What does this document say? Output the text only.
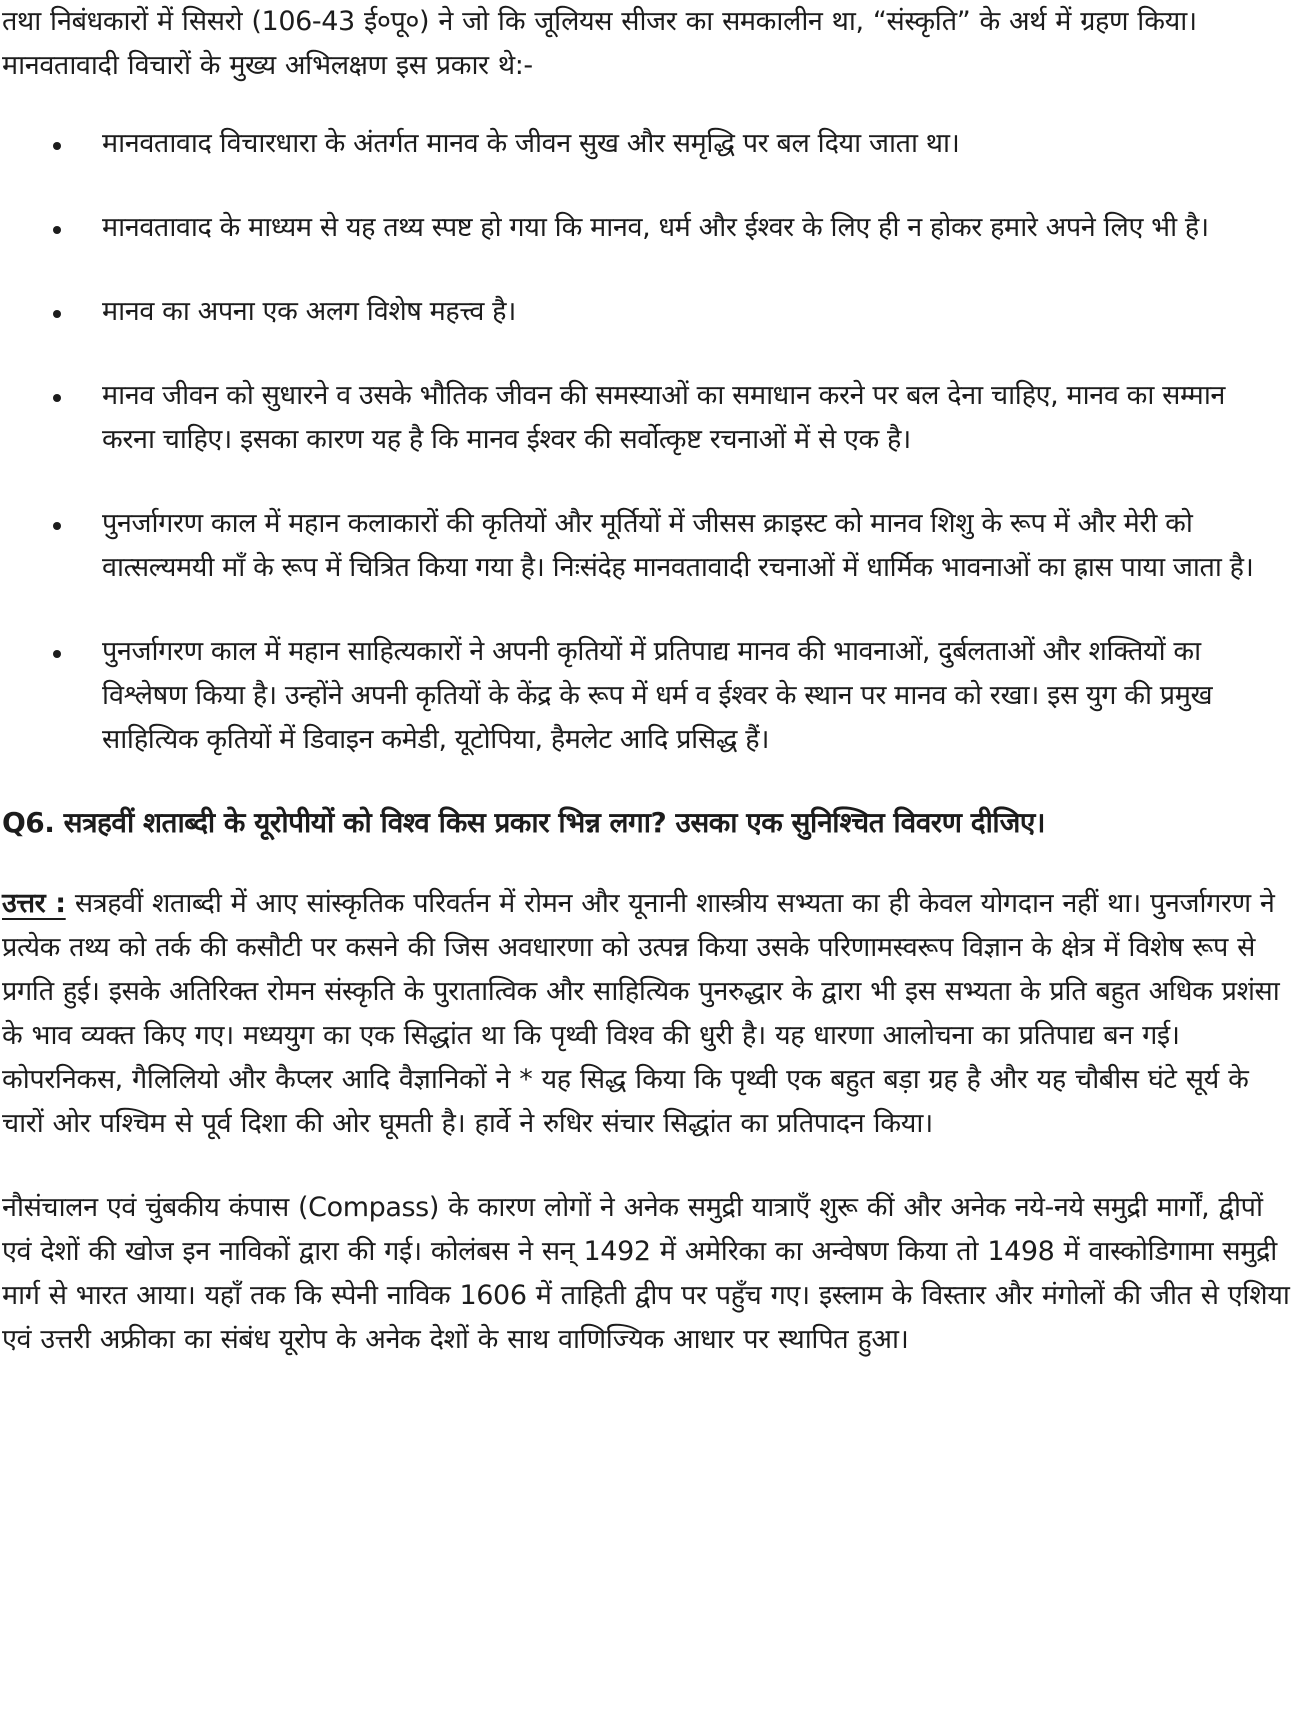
तथा निबंधकारों में सिसरो (106-43 ई०पू०) ने जो कि जूलियस सीजर का समकालीन था, “संस्कृति” के अर्थ में ग्रहण किया। मानवतावादी विचारों के मुख्य अभिलक्षण इस प्रकार थे:-

मानवतावाद विचारधारा के अंतर्गत मानव के जीवन सुख और समृद्धि पर बल दिया जाता था।
मानवतावाद के माध्यम से यह तथ्य स्पष्ट हो गया कि मानव, धर्म और ईश्वर के लिए ही न होकर हमारे अपने लिए भी है।
मानव का अपना एक अलग विशेष महत्त्व है।
मानव जीवन को सुधारने व उसके भौतिक जीवन की समस्याओं का समाधान करने पर बल देना चाहिए, मानव का सम्मान करना चाहिए। इसका कारण यह है कि मानव ईश्वर की सर्वोत्कृष्ट रचनाओं में से एक है।
पुनर्जागरण काल में महान कलाकारों की कृतियों और मूर्तियों में जीसस क्राइस्ट को मानव शिशु के रूप में और मेरी को वात्सल्यमयी माँ के रूप में चित्रित किया गया है। निःसंदेह मानवतावादी रचनाओं में धार्मिक भावनाओं का ह्रास पाया जाता है।
पुनर्जागरण काल में महान साहित्यकारों ने अपनी कृतियों में प्रतिपाद्य मानव की भावनाओं, दुर्बलताओं और शक्तियों का विश्लेषण किया है। उन्होंने अपनी कृतियों के केंद्र के रूप में धर्म व ईश्वर के स्थान पर मानव को रखा। इस युग की प्रमुख साहित्यिक कृतियों में डिवाइन कमेडी, यूटोपिया, हैमलेट आदि प्रसिद्ध हैं।
Q6. सत्रहवीं शताब्दी के यूरोपीयों को विश्व किस प्रकार भिन्न लगा? उसका एक सुनिश्चित विवरण दीजिए।

उत्तर : सत्रहवीं शताब्दी में आए सांस्कृतिक परिवर्तन में रोमन और यूनानी शास्त्रीय सभ्यता का ही केवल योगदान नहीं था। पुनर्जागरण ने प्रत्येक तथ्य को तर्क की कसौटी पर कसने की जिस अवधारणा को उत्पन्न किया उसके परिणामस्वरूप विज्ञान के क्षेत्र में विशेष रूप से प्रगति हुई। इसके अतिरिक्त रोमन संस्कृति के पुरातात्विक और साहित्यिक पुनरुद्धार के द्वारा भी इस सभ्यता के प्रति बहुत अधिक प्रशंसा के भाव व्यक्त किए गए। मध्ययुग का एक सिद्धांत था कि पृथ्वी विश्व की धुरी है। यह धारणा आलोचना का प्रतिपाद्य बन गई। कोपरनिकस, गैलिलियो और कैप्लर आदि वैज्ञानिकों ने * यह सिद्ध किया कि पृथ्वी एक बहुत बड़ा ग्रह है और यह चौबीस घंटे सूर्य के चारों ओर पश्चिम से पूर्व दिशा की ओर घूमती है। हार्वे ने रुधिर संचार सिद्धांत का प्रतिपादन किया।

नौसंचालन एवं चुंबकीय कंपास (Compass) के कारण लोगों ने अनेक समुद्री यात्राएँ शुरू कीं और अनेक नये-नये समुद्री मार्गों, द्वीपों एवं देशों की खोज इन नाविकों द्वारा की गई। कोलंबस ने सन् 1492 में अमेरिका का अन्वेषण किया तो 1498 में वास्कोडिगामा समुद्री मार्ग से भारत आया। यहाँ तक कि स्पेनी नाविक 1606 में ताहिती द्वीप पर पहुँच गए। इस्लाम के विस्तार और मंगोलों की जीत से एशिया एवं उत्तरी अफ्रीका का संबंध यूरोप के अनेक देशों के साथ वाणिज्यिक आधार पर स्थापित हुआ।
